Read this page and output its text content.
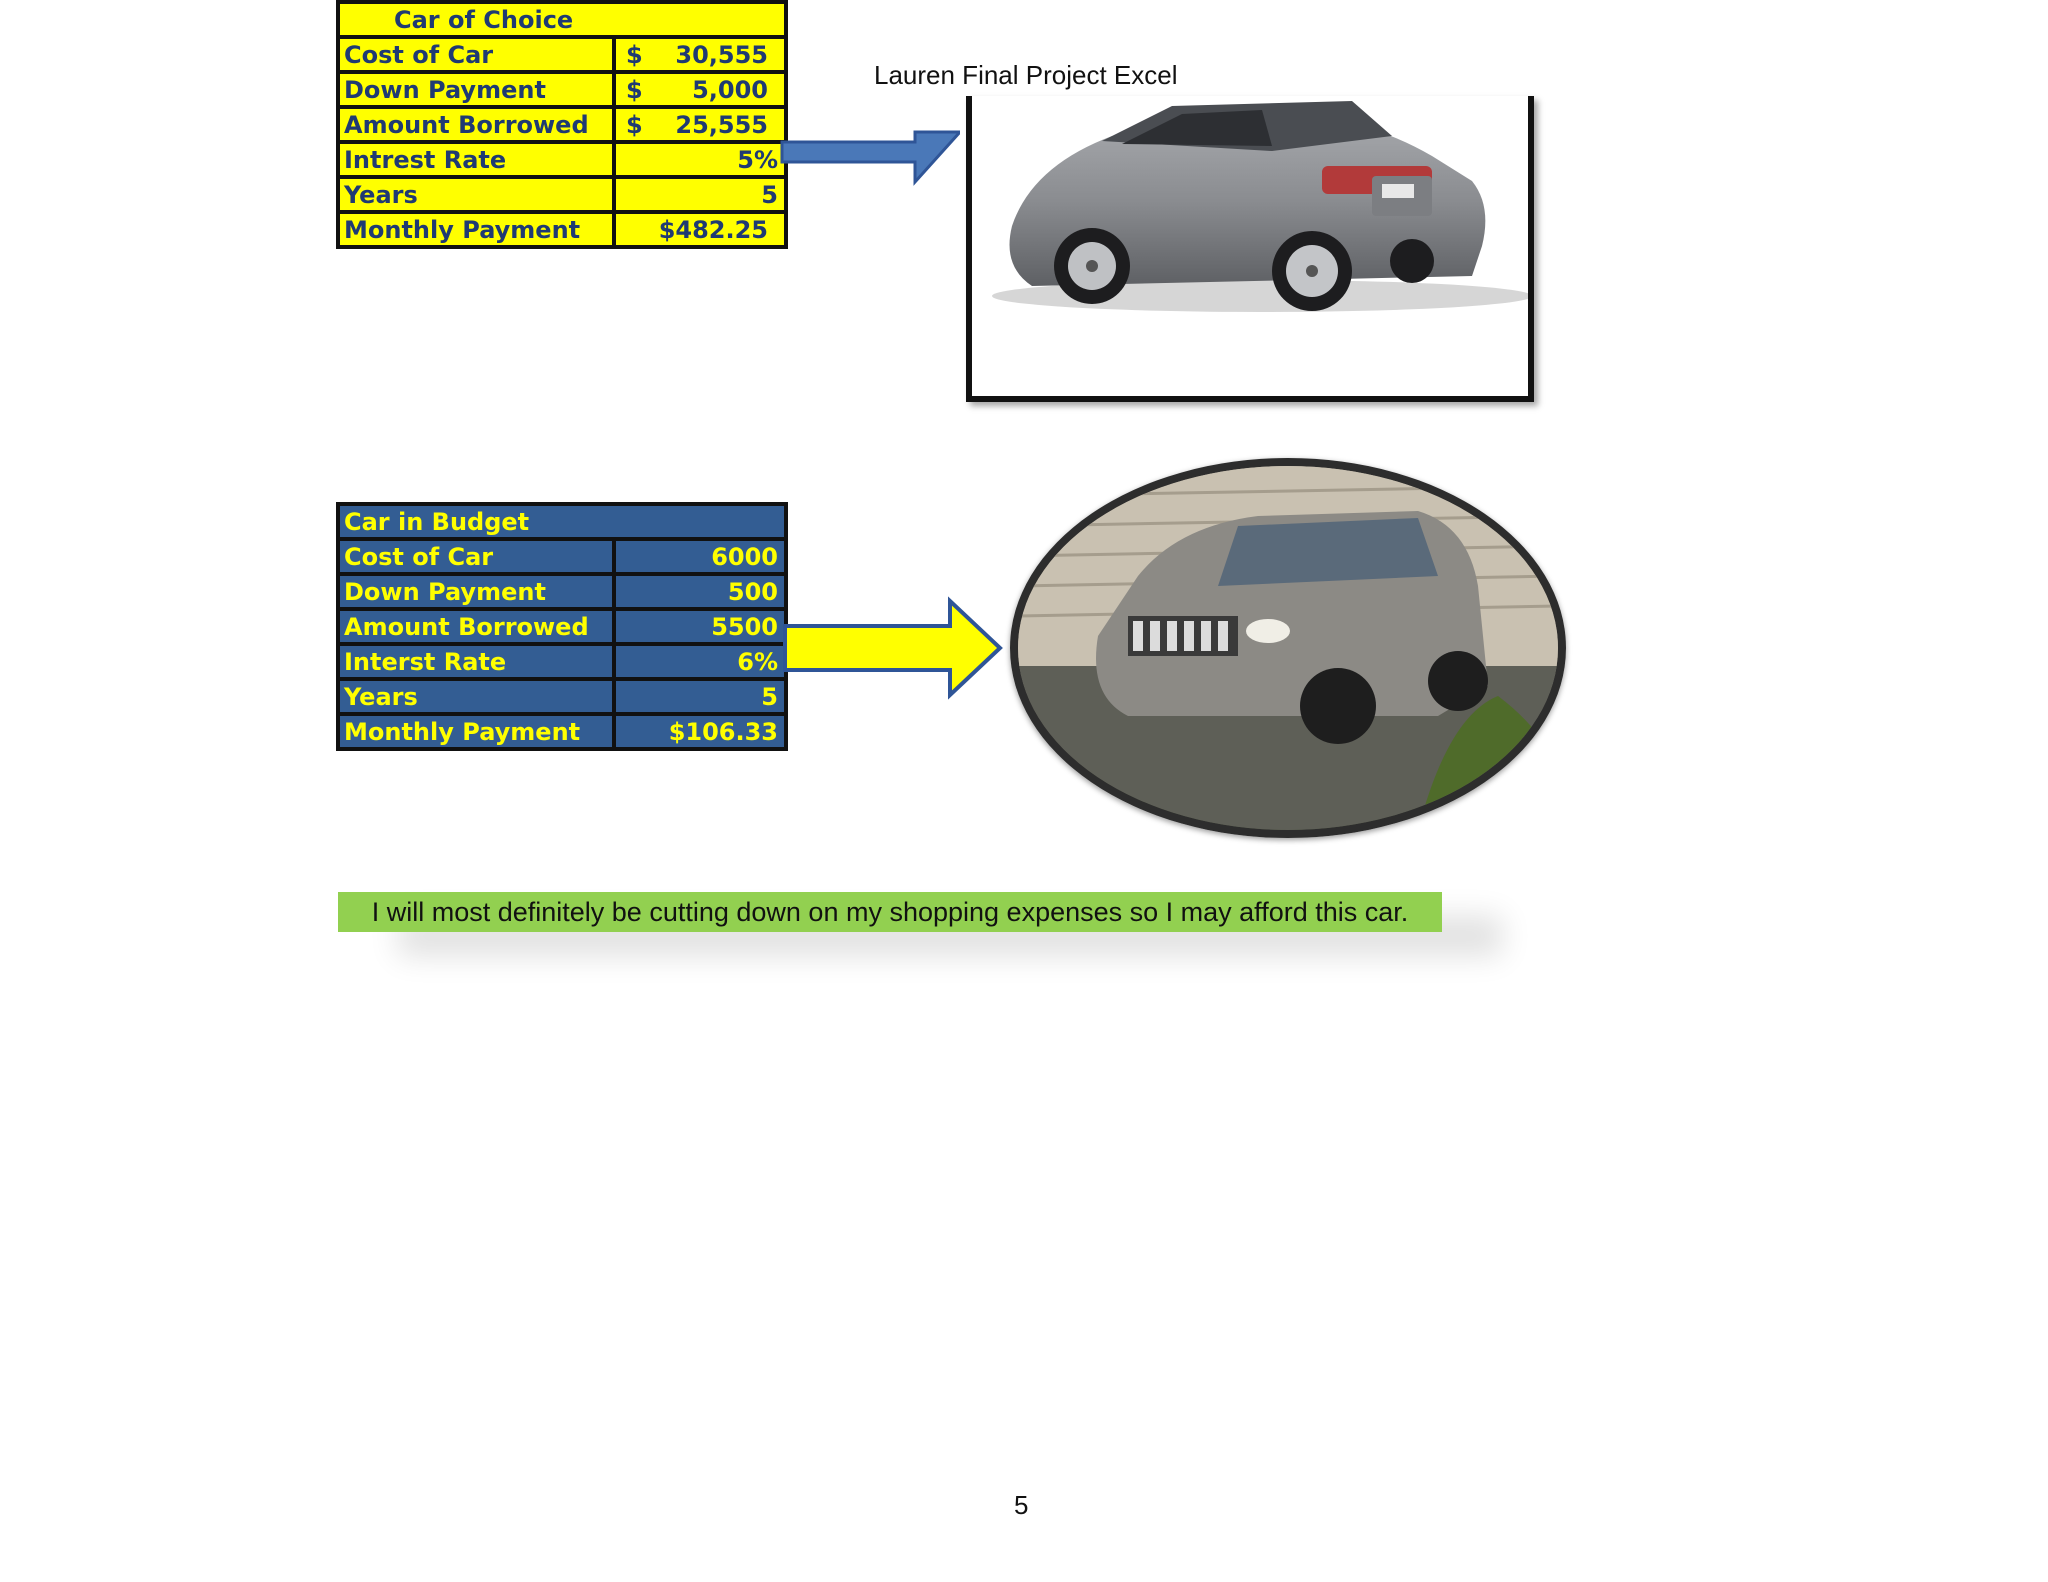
Lauren Final Project Excel
Car of Choice	
Cost of Car	$ 30,555
Down Payment	$ 5,000
Amount Borrowed	$ 25,555
Intrest Rate	5%
Years	5
Monthly Payment	$482.25
Car in Budget	
Cost of Car	6000
Down Payment	500
Amount Borrowed	5500
Interst Rate	6%
Years	5
Monthly Payment	$106.33
I will most definitely be cutting down on my shopping expenses so I may afford this car.
5
